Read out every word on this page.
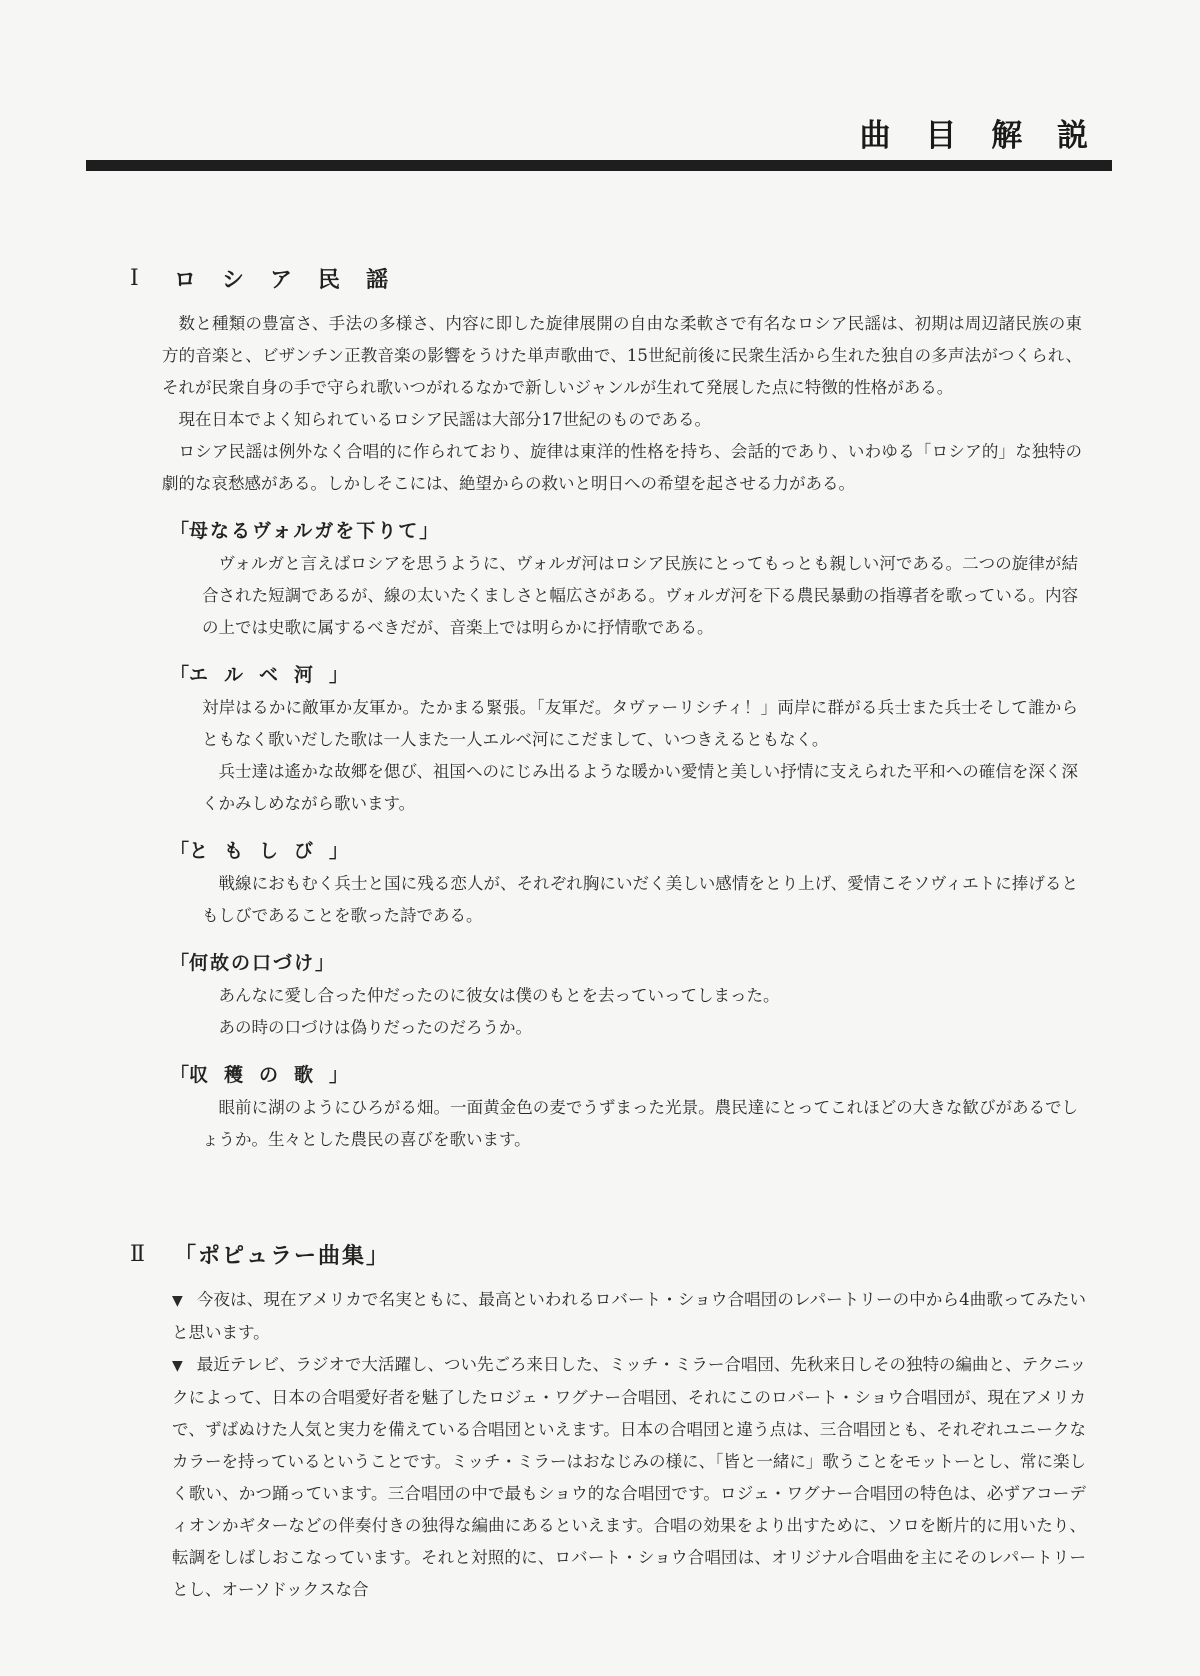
曲 目 解 説
Ⅰ	ロシア民謡

数と種類の豊富さ、手法の多様さ、内容に即した旋律展開の自由な柔軟さで有名なロシア民謡は、初期は周辺諸民族の東方的音楽と、ビザンチン正教音楽の影響をうけた単声歌曲で、15世紀前後に民衆生活から生れた独自の多声法がつくられ、それが民衆自身の手で守られ歌いつがれるなかで新しいジャンルが生れて発展した点に特徴的性格がある。

現在日本でよく知られているロシア民謡は大部分17世紀のものである。

ロシア民謡は例外なく合唱的に作られており、旋律は東洋的性格を持ち、会話的であり、いわゆる「ロシア的」な独特の劇的な哀愁感がある。しかしそこには、絶望からの救いと明日への希望を起させる力がある。

「母なるヴォルガを下りて」

ヴォルガと言えばロシアを思うように、ヴォルガ河はロシア民族にとってもっとも親しい河である。二つの旋律が結合された短調であるが、線の太いたくましさと幅広さがある。ヴォルガ河を下る農民暴動の指導者を歌っている。内容の上では史歌に属するべきだが、音楽上では明らかに抒情歌である。

「エルベ河」

対岸はるかに敵軍か友軍か。たかまる緊張。「友軍だ。タヴァーリシチィ！」両岸に群がる兵士また兵士そして誰からともなく歌いだした歌は一人また一人エルベ河にこだまして、いつきえるともなく。

兵士達は遙かな故郷を偲び、祖国へのにじみ出るような暖かい愛情と美しい抒情に支えられた平和への確信を深く深くかみしめながら歌います。

「ともしび」

戦線におもむく兵士と国に残る恋人が、それぞれ胸にいだく美しい感情をとり上げ、愛情こそソヴィエトに捧げるともしびであることを歌った詩である。

「何故の口づけ」

あんなに愛し合った仲だったのに彼女は僕のもとを去っていってしまった。

あの時の口づけは偽りだったのだろうか。

「収穫の歌」

眼前に湖のようにひろがる畑。一面黄金色の麦でうずまった光景。農民達にとってこれほどの大きな歓びがあるでしょうか。生々とした農民の喜びを歌います。

Ⅱ	「ポピュラー曲集」

▼ 今夜は、現在アメリカで名実ともに、最高といわれるロバート・ショウ合唱団のレパートリーの中から4曲歌ってみたいと思います。

▼ 最近テレビ、ラジオで大活躍し、つい先ごろ来日した、ミッチ・ミラー合唱団、先秋来日しその独特の編曲と、テクニックによって、日本の合唱愛好者を魅了したロジェ・ワグナー合唱団、それにこのロバート・ショウ合唱団が、現在アメリカで、ずばぬけた人気と実力を備えている合唱団といえます。日本の合唱団と違う点は、三合唱団とも、それぞれユニークなカラーを持っているということです。ミッチ・ミラーはおなじみの様に、「皆と一緒に」歌うことをモットーとし、常に楽しく歌い、かつ踊っています。三合唱団の中で最もショウ的な合唱団です。ロジェ・ワグナー合唱団の特色は、必ずアコーディオンかギターなどの伴奏付きの独得な編曲にあるといえます。合唱の効果をより出すために、ソロを断片的に用いたり、転調をしばしおこなっています。それと対照的に、ロバート・ショウ合唱団は、オリジナル合唱曲を主にそのレパートリーとし、オーソドックスな合
